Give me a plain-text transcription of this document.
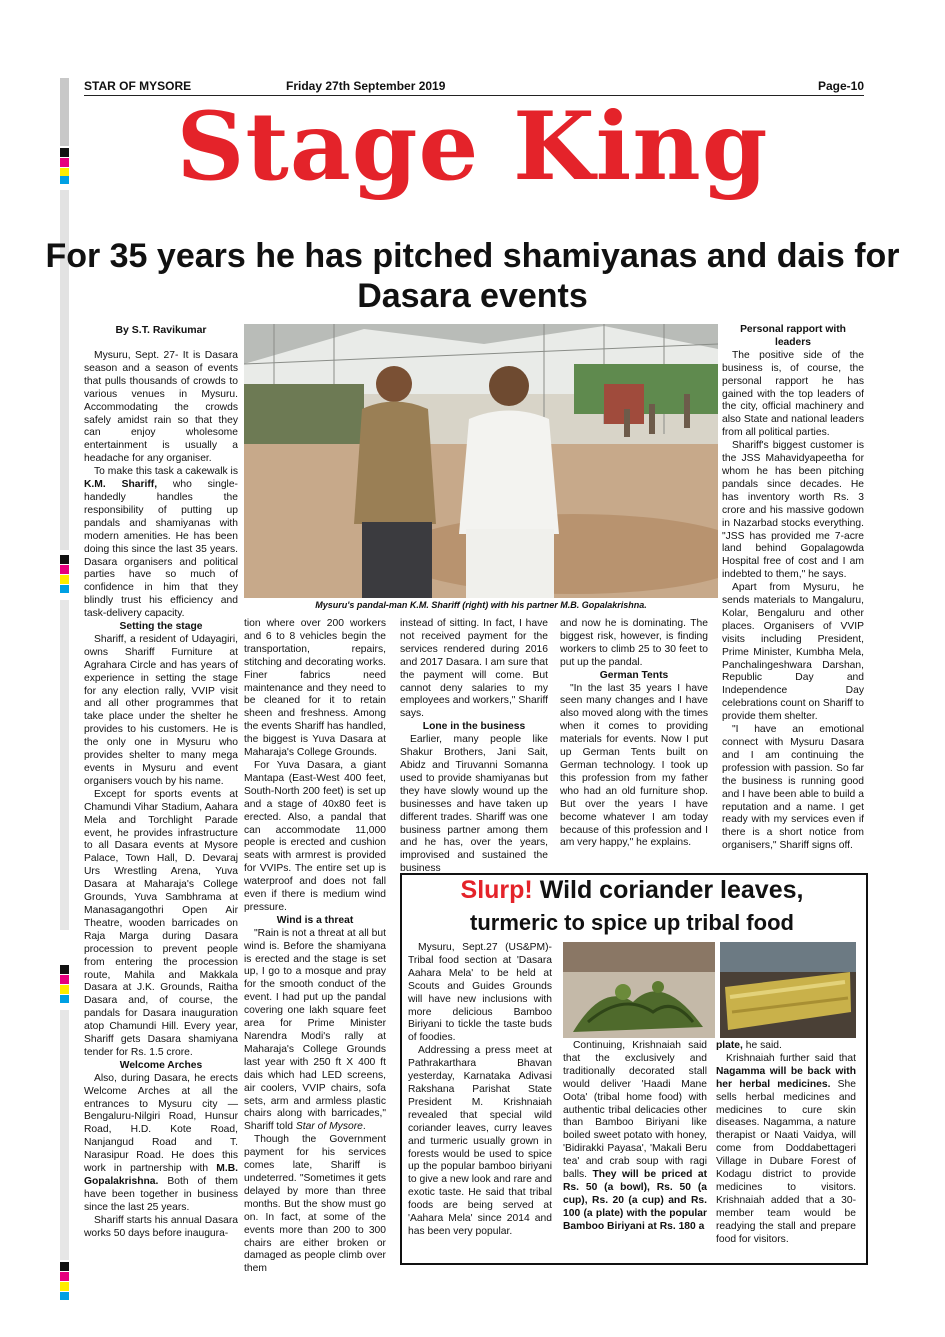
STAR OF MYSORE	Friday 27th September 2019	Page-10
Stage King
For 35 years he has pitched shamiyanas and dais for Dasara events
By S.T. Ravikumar
Mysuru's pandal-man K.M. Shariff (right) with his partner M.B. Gopalakrishna.

Mysuru, Sept. 27- It is Dasara season and a season of events that pulls thousands of crowds to various venues in Mysuru. Accommodating the crowds safely amidst rain so that they can enjoy wholesome entertainment is usually a headache for any organiser.

To make this task a cakewalk is K.M. Shariff, who single-handedly handles the responsibility of putting up pandals and shamiyanas with modern amenities. He has been doing this since the last 35 years. Dasara organisers and political parties have so much of confidence in him that they blindly trust his efficiency and task-delivery capacity.

Setting the stage

Shariff, a resident of Udayagiri, owns Shariff Furniture at Agrahara Circle and has years of experience in setting the stage for any election rally, VVIP visit and all other programmes that take place under the shelter he provides to his customers. He is the only one in Mysuru who provides shelter to many mega events in Mysuru and event organisers vouch by his name.

Except for sports events at Chamundi Vihar Stadium, Aahara Mela and Torchlight Parade event, he provides infrastructure to all Dasara events at Mysore Palace, Town Hall, D. Devaraj Urs Wrestling Arena, Yuva Dasara at Maharaja's College Grounds, Yuva Sambhrama at Manasagangothri Open Air Theatre, wooden barricades on Raja Marga during Dasara procession to prevent people from entering the procession route, Mahila and Makkala Dasara at J.K. Grounds, Raitha Dasara and, of course, the pandals for Dasara inauguration atop Chamundi Hill. Every year, Shariff gets Dasara shamiyana tender for Rs. 1.5 crore.

Welcome Arches

Also, during Dasara, he erects Welcome Arches at all the entrances to Mysuru city — Bengaluru-Nilgiri Road, Hunsur Road, H.D. Kote Road, Nanjangud Road and T. Narasipur Road. He does this work in partnership with M.B. Gopalakrishna. Both of them have been together in business since the last 25 years.

Shariff starts his annual Dasara works 50 days before inaugura-

tion where over 200 workers and 6 to 8 vehicles begin the transportation, repairs, stitching and decorating works. Finer fabrics need maintenance and they need to be cleaned for it to retain sheen and freshness. Among the events Shariff has handled, the biggest is Yuva Dasara at Maharaja's College Grounds.

For Yuva Dasara, a giant Mantapa (East-West 400 feet, South-North 200 feet) is set up and a stage of 40x80 feet is erected. Also, a pandal that can accommodate 11,000 people is erected and cushion seats with armrest is provided for VVIPs. The entire set up is waterproof and does not fall even if there is medium wind pressure.

Wind is a threat

"Rain is not a threat at all but wind is. Before the shamiyana is erected and the stage is set up, I go to a mosque and pray for the smooth conduct of the event. I had put up the pandal covering one lakh square feet area for Prime Minister Narendra Modi's rally at Maharaja's College Grounds last year with 250 ft X 400 ft dais which had LED screens, air coolers, VVIP chairs, sofa sets, arm and armless plastic chairs along with barricades," Shariff told Star of Mysore.

Though the Government payment for his services comes late, Shariff is undeterred. "Sometimes it gets delayed by more than three months. But the show must go on. In fact, at some of the events more than 200 to 300 chairs are either broken or damaged as people climb over them

instead of sitting. In fact, I have not received payment for the services rendered during 2016 and 2017 Dasara. I am sure that the payment will come. But cannot deny salaries to my employees and workers," Shariff says.

Lone in the business

Earlier, many people like Shakur Brothers, Jani Sait, Abidz and Tiruvanni Somanna used to provide shamiyanas but they have slowly wound up the businesses and have taken up different trades. Shariff was one business partner among them and he has, over the years, improvised and sustained the business

and now he is dominating. The biggest risk, however, is finding workers to climb 25 to 30 feet to put up the pandal.

German Tents

"In the last 35 years I have seen many changes and I have also moved along with the times when it comes to providing materials for events. Now I put up German Tents built on German technology. I took up this profession from my father who had an old furniture shop. But over the years I have become whatever I am today because of this profession and I am very happy," he explains.

Personal rapport with leaders

The positive side of the business is, of course, the personal rapport he has gained with the top leaders of the city, official machinery and also State and national leaders from all political parties.

Shariff's biggest customer is the JSS Mahavidyapeetha for whom he has been pitching pandals since decades. He has inventory worth Rs. 3 crore and his massive godown in Nazarbad stocks everything. "JSS has provided me 7-acre land behind Gopalagowda Hospital free of cost and I am indebted to them," he says.

Apart from Mysuru, he sends materials to Mangaluru, Kolar, Bengaluru and other places. Organisers of VVIP visits including President, Prime Minister, Kumbha Mela, Panchalingeshwara Darshan, Republic Day and Independence Day celebrations count on Shariff to provide them shelter.

"I have an emotional connect with Mysuru Dasara and I am continuing the profession with passion. So far the business is running good and I have been able to build a reputation and a name. I get ready with my services even if there is a short notice from organisers," Shariff signs off.

Slurp! Wild coriander leaves,
turmeric to spice up tribal food

Mysuru, Sept.27 (US&PM)- Tribal food section at 'Dasara Aahara Mela' to be held at Scouts and Guides Grounds will have new inclusions with more delicious Bamboo Biriyani to tickle the taste buds of foodies.

Addressing a press meet at Pathrakarthara Bhavan yesterday, Karnataka Adivasi Rakshana Parishat State President M. Krishnaiah revealed that special wild coriander leaves, curry leaves and turmeric usually grown in forests would be used to spice up the popular bamboo biriyani to give a new look and rare and exotic taste. He said that tribal foods are being served at 'Aahara Mela' since 2014 and has been very popular.

Continuing, Krishnaiah said that the exclusively and traditionally decorated stall would deliver 'Haadi Mane Oota' (tribal home food) with authentic tribal delicacies other than Bamboo Biriyani like boiled sweet potato with honey, 'Bidirakki Payasa', 'Makali Beru tea' and crab soup with ragi balls. They will be priced at Rs. 50 (a bowl), Rs. 50 (a cup), Rs. 20 (a cup) and Rs. 100 (a plate) with the popular Bamboo Biriyani at Rs. 180 a

plate, he said.

Krishnaiah further said that Nagamma will be back with her herbal medicines. She sells herbal medicines and medicines to cure skin diseases. Nagamma, a nature therapist or Naati Vaidya, will come from Doddabettageri Village in Dubare Forest of Kodagu district to provide medicines to visitors. Krishnaiah added that a 30-member team would be readying the stall and prepare food for visitors.
